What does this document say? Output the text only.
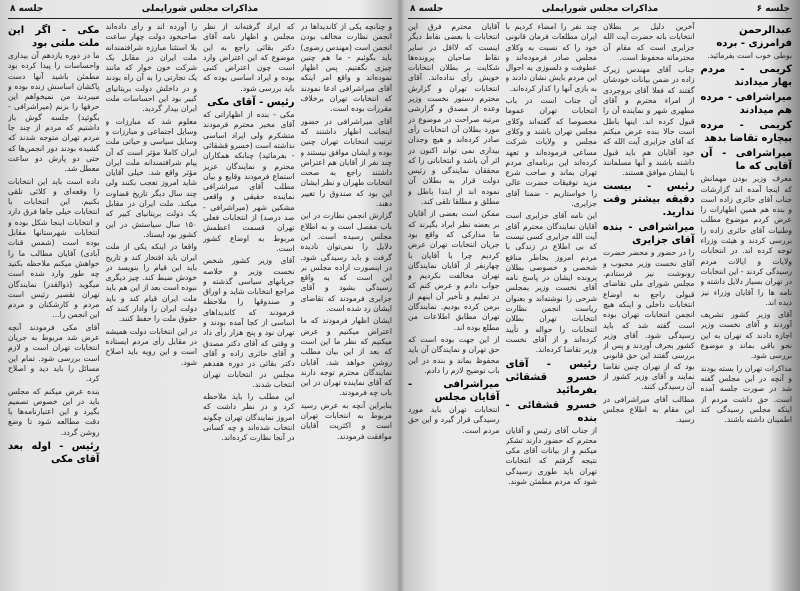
جلسه ۸	مذاکرات مجلس شورایملی

و چنانچه یکی از کاندیداها در انجمن نظارت مخالف بودن انجمن است (مهندس رضوی) باید بگوئیم - ما هم چنین چیزی نگفتیم. پس اظهار نموده‌اند و واقع امر اینکه آقای میراشرافی ادعا نمودند که انتخابات تهران برخلاف مقررات بوده است.

آقای میراشرافی در حضور اینجانب اظهار داشتند که ترتیب انتخابات تهران چنین بوده و ایشان موافق نیستند و چند نفر از آقایان هم اعتراض داشتند راجع به صحت انتخابات طهران و نظر ایشان این بود که صندوق را تغییر دهند.

گزارش انجمن نظارت در این باب مفصل است و به اطلاع مجلس رسیده است. این دلایل را نمی‌توان نادیده گرفت و باید رسیدگی شود. در اینصورت اراده مجلس بر این است که به واقع رسیدگی بشود و آقای جزایری فرمودند که تقاضای ایشان رد شده است.

ایشان اظهار فرمودند که ما اعتراض میکنیم و عرض میکنیم که نظر ما این است که بعد از این بیان مطلب روشن خواهد شد. آقایان نمایندگان محترم توجه دارند که آقای نماینده تهران در این باب چه فرمودند.

بنابراین آنچه به عرض رسید مربوط به انتخابات تهران است و اکثریت آقایان موافقت فرمودند.

که ایراد گرفته‌اند از نظر مجلس و اظهار نامه آقای دکتر بقائی راجع به این موضوع که این اعتراض وارد است چون اعتراض کتبی بوده و ایراد اساسی بوده که باید بررسی شود.

رئیس - آقای مکی

مکی - بنده از اظهاراتی که آقای مخبر محترم فرمودند متشکرم ولی ایراد اساسی نداشته است (خسرو قشقائی - بفرمائید) چنانکه همکاران محترم و نمایندگان عزیز استماع فرمودند وقایع و بیان مطلب آقای میراشرافی نماینده حقیقی و واقعی مشکین شهر (میراشرافی - صد درصد) از انتخابات فعلی تهران قسمت اعظمش مربوط به اوضاع کشور است.

آقای وزیر کشور شخص نخست وزیر و خلاصه جریانهای سیاسی گذشته و مراجع انتخابات شاید و اوراق و صندوقها را ملاحظه فرمودند که کاندیداهای اساسی از کجا آمده بودند و تهران نود و پنج هزار رأی داد و وقتی که آقای دکتر مصدق و آقای حائری زاده و آقای دکتر بقائی در دوره هفدهم مجلس در انتخابات تهران انتخاب شدند.

این مطلب را باید ملاحظه کرد و در نظر داشت که امروز نمایندگان تهران چگونه انتخاب شده‌اند و چه کسانی در آنجا نظارت کرده‌اند.

را آورده اند و رأی داده‌اند صاحبخود دولت چهار ساعت بلا استثنا مبارزه شرافتمندانه ملت ایران در مقابل یک شرکت خون خوار که مانند یک تجارتی را به آن راه بودند و در داخلش دولت بریتانیای کبیر بود این احساسات ملت ایران بیدار گردید.

معلوم شد که مبارزات و وسایل اجتماعی و مبارزات و وسایل سیاسی و حیاتی ملت ایران کاملا مؤثر است که آن پیام شرافتمندانه ملت ایران مؤثر واقع شد. خیلی آقایان شاید امروز تعجب بکنند ولی چند سال دیگر تاریخ قضاوت میکند. ملت ایران در مقابل یک دولت بریتانیای کبیر که ۱۵۰ سال سیاستش در این کشور بود ایستاد.

واقعا در اینکه یکی از ملت ایران باید افتخار کند و تاریخ باید این قیام را بنویسد در خودش ضبط کند. چیز دیگری نبوده است بعد از این هم باید ملت ایران قیام کند و باید دولت ایران را وادار کنند که حقوق ملت را حفظ کنند.

در این انتخابات دولت همیشه در مقابل رأی مردم ایستاده است و این رویه باید اصلاح شود.

مکی - اگر این ملت ملتی بود

ما در دوره یازدهم آن بیداری واحساسات را پیدا کرده بود مطمئن باشید آنها دست پاکشان اساسش زنده بوده و میبردند من نمیخواهم این حرفها را بزنم (میراشرافی - بگوئید) جلسه گوش باز داشتیم که مردم از چند جا مردم تهران متوجه شدند که گشیده بودند دور انجمن‌ها که حتی دو پارش دو ساعت معطل شد.

داده است باید این انتخابات را وقعه‌ای و کلائی تلقی بکنیم. این انتخابات با انتخابات خیلی جاها فرق دارد و انتخابات اینجا شکل بوده و انتخابات شهرستانها مقابل بوده است (شمس قنات آبادی) آقایان مطالب ما را خواهش میکنم ملاحظه بکنید چه طور وارد شده است میگوید (ذوالقدر) نمایندگان تهران تقصیر رئیس است مردم و کارشکنان و مردم این انجمن را...

آقای مکی فرمودند آنچه عرض شد مربوط به جریان انتخابات تهران است و لازم است بررسی شود. تمام این مسائل را باید دید و اصلاح کرد.

بنده عرض میکنم که مجلس باید در این خصوص تصمیم بگیرد و این اعتبارنامه‌ها با دقت مطالعه شود تا وضع روشن گردد.

رئیس - اوله بعد آقای مکی
جلسه ۸	مذاکرات مجلس شورایملی	جلسه ۶
عبدالرحمن فرامرزی - برده

بوطی خوب است بفرمائید.

کریمی - مردم بهار میدادند
میراشرافی - مرده هم میدادند
کریمی - مرده بیچاره تقاضا بدهد
میراشرافی - آن آقایی که ما

معرف وزیر بودن مهمانش که اینجا آمده اند گزارشات جناب آقای حائری زاده است و بنده هم همین اظهارات را عرض کردم موضوع مطلب وطنیات آقای حائری زاده را بررسی کردند و هیئت وزراء توجه کرده اند. در انتخابات ولایات و ایالات مردم رسیدگی کردند - این انتخابات در تهران بسیار دلایل داشته و نامه ها را آقایان وزراء نیز دیده اند.

آقای وزیر کشور تشریف آوردند و آقای نخست وزیر اجازه دادند که تهران به این نحو باقی بماند و موضوع بررسی شود.

مذاکرات تهران را بسته بودند و آنچه در این مجلس گفته شد در صورت جلسه آمده است. حق داشت مردم از اینکه مجلس رسیدگی کند اطمینان داشته باشند.

آخرین دلیل بر بطلان انتخابات بانه حضرت آیت الله جزایری است که مقام آن محترمانه محفوظ است.

جناب آقای مهندس زیرک زاده در ضمن بیانات خودشان گفتند که فعلا آقای بروجردی از امراء محترم و آقای مطهری شهر و نماینده آن را قبول کرده اند. اینها باطل است حالا بنده عرض میکنم که آقای جزایری آیت الله که خود آقایان هم باید قبول داشته باشند و آنها مسلمانند با ایشان موافق هستند.

رئیس - بیست دقیقه بیشتر وقت ندارید.
میراشرافی - بنده آقای جزایری

را در حضور و محضر حضرت آقای نخست وزیر محبوب و رونوشت نیز فرستادم. مجلس شورای ملی تقاضای قبولی راجع به اوضاع انتخابات داخلی و اینکه هیچ انجمن انتخابات تهران بوده است گفته شد که باید رسیدگی شود. آقای وزیر کشور بحرف آوردند و پس از بررسی گفتند این حق قانونی بود که از تهران چنین تقاضا نمایند و آقای وزیر کشور از آن رسیدگی کنند.

مطالب آقای میراشرافی در این مقام به اطلاع مجلس رسید.

چند نفر را امضاء کردیم با ایران مطلعات فرمان قانونی خود را که نسبت به وکلای مجلس صادر فرموده‌اند و عطوفت و دلسوزی به احوال این مردم بایش نشان دادند و به بازی آنها را کذار کرده‌اند.

آن جناب است در باب انتخابات تهران عموما مخصوصا که گفته‌اند وکلای مجلس تهران باشند و وکلای مجلس و ولایات شرکت مساعی فرموده‌اند و تعهد کرده‌اند این برنامه‌ای مردم تهران بماند و صاحب شرع مزید توفیقات حضرت عالی را خواستاریم - ضمنا آقای جزایری.

این نامه آقای جزایری است آقایان نمایندگان محترم آقای آیت الله جزایری کسی نیست که بی اطلاع در زندگی با مردم امروز بخاطر منافع شخصی و خصوصی بطلان پرونده ایشان در پاسخ نامه آقای نخست وزیر بمجلس شرحی را نوشته‌اند و بعنوان ریاست انجمن نظارت انتخابات تهران بطلان انتخابات را حواله و تأیید کرده‌اند و از آقای نخست وزیر تقاضا کرده‌اند.

رئیس - آقای خسرو قشقائی بفرمائید
خسرو قشقائی - بنده

از جناب آقای رئیس و آقایان محترم که حضور دارند تشکر میکنم و از بیانات آقای مکی نتیجه گرفتم که انتخابات تهران باید طوری رسیدگی شود که مردم مطمئن شوند.

آقایان محترم فرق این انتخابات با بعضی نقاط دیگر اینست که لااقل در سایر نقاط صاحبان پرونده‌ها شکایت بر بطلان انتخابات خویش رأی نداده‌اند. آقای انتخابات تهران و گزارش محترم دستور نخست وزیر وعده از مصدق و گزارشی مرتبه صراحت در موضوع در مورد بطلان آن انتخابات رأی صادر کرده‌اند و هیچ وجدان بیداری نمی تواند اکنون در اثر آن باشد و انتخاباتی را که محققان نمایندگی و رئیس دولت قرار به بطلان آن نموده اند از ابتدا باطل و مطلق و مطلقا تلقی کند.

ممکن است بعضی از آقایان بر بعضه نظر ایراد بگیرند که ما مدارکی که واقع بود جریان انتخابات تهران عرض کردیم چرا با آقایان با چهارنفر از آقایان نمایندگان تهران مخالفت نکردیم و جواب دادم و عرض کنم که در تعلیم و تأخیر آن اینهم از برمن کرده بودیم. نمایندگان تهران مطابق اطلاعات من مطلع بوده اند.

از این جهت بوده است که حق تهران و نمایندگان آن باید محفوظ بماند و بنده در این باب توضیح لازم را دادم.

میراشرافی - آقایان مجلس

انتخابات تهران باید مورد رسیدگی قرار گیرد و این حق مردم است.
